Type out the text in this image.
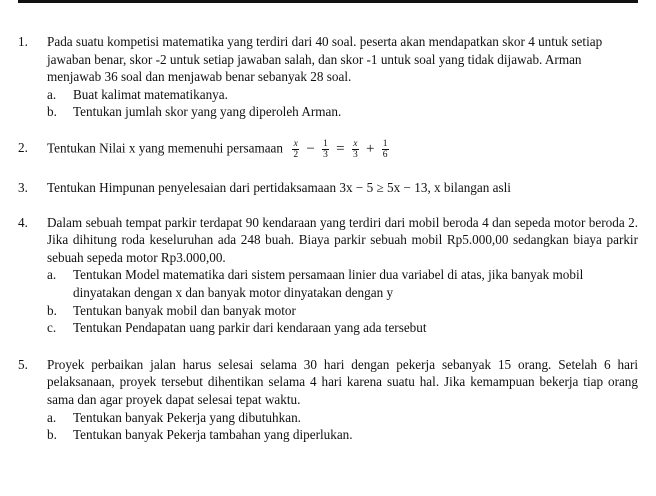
1. Pada suatu kompetisi matematika yang terdiri dari 40 soal. peserta akan mendapatkan skor 4 untuk setiap jawaban benar, skor -2 untuk setiap jawaban salah, dan skor -1 untuk soal yang tidak dijawab. Arman menjawab 36 soal dan menjawab benar sebanyak 28 soal.

a. Buat kalimat matematikanya.
b. Tentukan jumlah skor yang yang diperoleh Arman.
2. Tentukan Nilai x yang memenuhi persamaan $\frac{x}{2} - \frac{1}{3} = \frac{x}{3} + \frac{1}{6}$

3. Tentukan Himpunan penyelesaian dari pertidaksamaan 3x − 5 ≥ 5x − 13, x bilangan asli

4. Dalam sebuah tempat parkir terdapat 90 kendaraan yang terdiri dari mobil beroda 4 dan sepeda motor beroda 2. Jika dihitung roda keseluruhan ada 248 buah. Biaya parkir sebuah mobil Rp5.000,00 sedangkan biaya parkir sebuah sepeda motor Rp3.000,00.

a. Tentukan Model matematika dari sistem persamaan linier dua variabel di atas, jika banyak mobil dinyatakan dengan x dan banyak motor dinyatakan dengan y
b. Tentukan banyak mobil dan banyak motor
c. Tentukan Pendapatan uang parkir dari kendaraan yang ada tersebut
5. Proyek perbaikan jalan harus selesai selama 30 hari dengan pekerja sebanyak 15 orang. Setelah 6 hari pelaksanaan, proyek tersebut dihentikan selama 4 hari karena suatu hal. Jika kemampuan bekerja tiap orang sama dan agar proyek dapat selesai tepat waktu.

a. Tentukan banyak Pekerja yang dibutuhkan.
b. Tentukan banyak Pekerja tambahan yang diperlukan.
